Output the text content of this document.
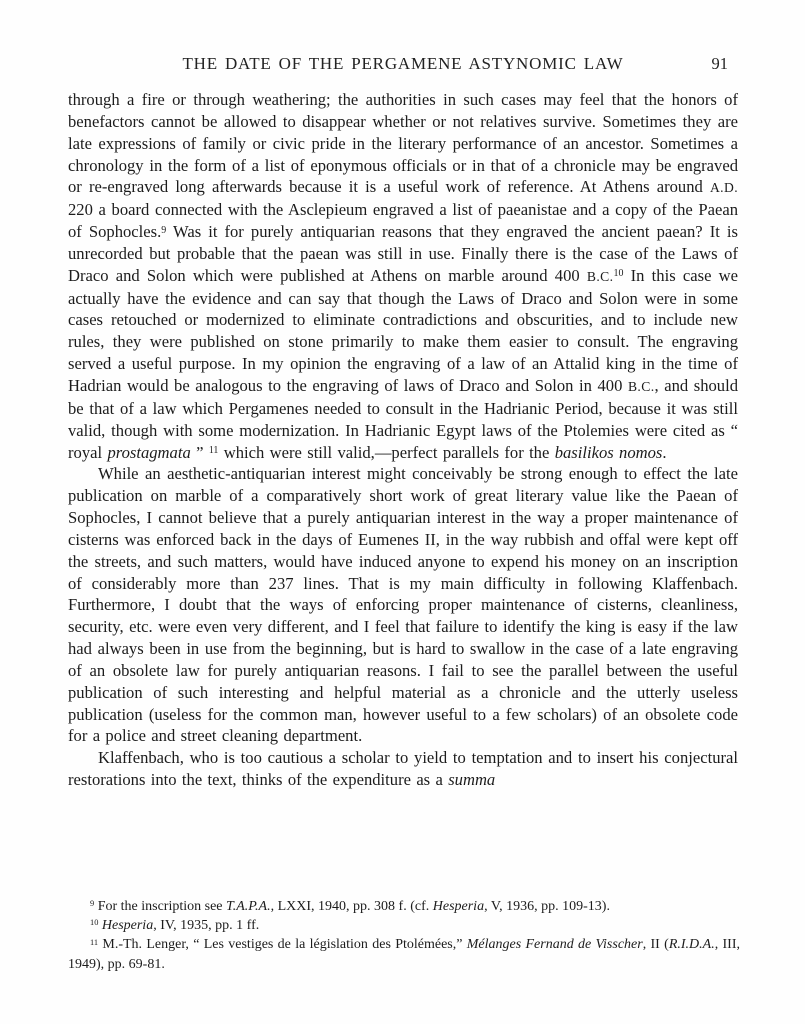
THE DATE OF THE PERGAMENE ASTYNOMIC LAW	91

through a fire or through weathering; the authorities in such cases may feel that the honors of benefactors cannot be allowed to disappear whether or not relatives survive. Sometimes they are late expressions of family or civic pride in the literary performance of an ancestor. Sometimes a chronology in the form of a list of eponymous officials or in that of a chronicle may be engraved or re-engraved long afterwards because it is a useful work of reference. At Athens around A.D. 220 a board connected with the Asclepieum engraved a list of paeanistae and a copy of the Paean of Sophocles.$^9$ Was it for purely antiquarian reasons that they engraved the ancient paean? It is unrecorded but probable that the paean was still in use. Finally there is the case of the Laws of Draco and Solon which were published at Athens on marble around 400 B.C.$^{10}$ In this case we actually have the evidence and can say that though the Laws of Draco and Solon were in some cases retouched or modernized to eliminate contradictions and obscurities, and to include new rules, they were published on stone primarily to make them easier to consult. The engraving served a useful purpose. In my opinion the engraving of a law of an Attalid king in the time of Hadrian would be analogous to the engraving of laws of Draco and Solon in 400 B.C., and should be that of a law which Pergamenes needed to consult in the Hadrianic Period, because it was still valid, though with some modernization. In Hadrianic Egypt laws of the Ptolemies were cited as “ royal prostagmata ” $^{11}$ which were still valid,—perfect parallels for the basilikos nomos.

While an aesthetic-antiquarian interest might conceivably be strong enough to effect the late publication on marble of a comparatively short work of great literary value like the Paean of Sophocles, I cannot believe that a purely antiquarian interest in the way a proper maintenance of cisterns was enforced back in the days of Eumenes II, in the way rubbish and offal were kept off the streets, and such matters, would have induced anyone to expend his money on an inscription of considerably more than 237 lines. That is my main difficulty in following Klaffenbach. Furthermore, I doubt that the ways of enforcing proper maintenance of cisterns, cleanliness, security, etc. were even very different, and I feel that failure to identify the king is easy if the law had always been in use from the beginning, but is hard to swallow in the case of a late engraving of an obsolete law for purely antiquarian reasons. I fail to see the parallel between the useful publication of such interesting and helpful material as a chronicle and the utterly useless publication (useless for the common man, however useful to a few scholars) of an obsolete code for a police and street cleaning department.

Klaffenbach, who is too cautious a scholar to yield to temptation and to insert his conjectural restorations into the text, thinks of the expenditure as a summa

$^9$ For the inscription see T.A.P.A., LXXI, 1940, pp. 308 f. (cf. Hesperia, V, 1936, pp. 109-13).

$^{10}$ Hesperia, IV, 1935, pp. 1 ff.

$^{11}$ M.-Th. Lenger, “ Les vestiges de la législation des Ptolémées,” Mélanges Fernand de Visscher, II (R.I.D.A., III, 1949), pp. 69-81.
